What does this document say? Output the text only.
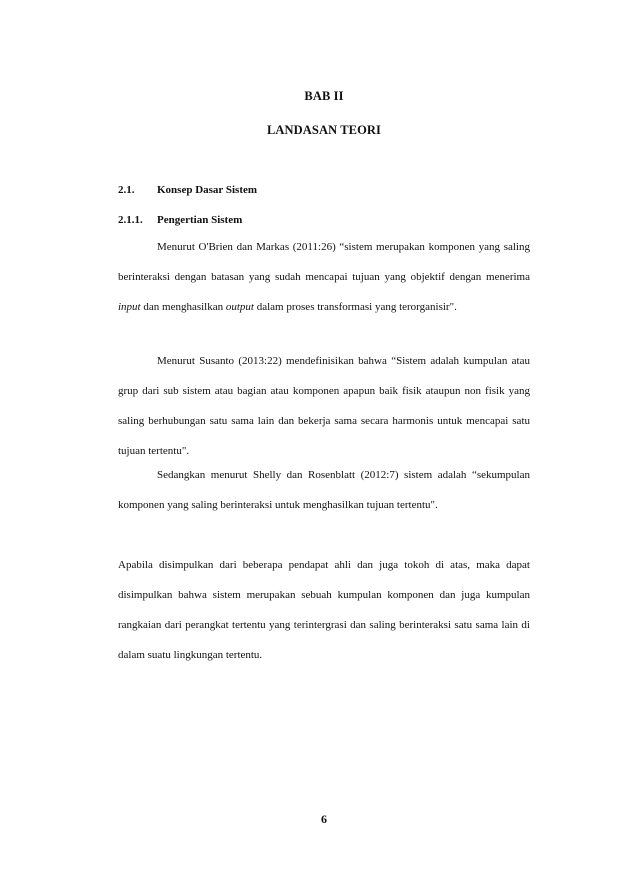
BAB II
LANDASAN TEORI
2.1. Konsep Dasar Sistem
2.1.1. Pengertian Sistem

Menurut O'Brien dan Markas (2011:26) “sistem merupakan komponen yang saling berinteraksi dengan batasan yang sudah mencapai tujuan yang objektif dengan menerima input dan menghasilkan output dalam proses transformasi yang terorganisir".

Menurut Susanto (2013:22) mendefinisikan bahwa “Sistem adalah kumpulan atau grup dari sub sistem atau bagian atau komponen apapun baik fisik ataupun non fisik yang saling berhubungan satu sama lain dan bekerja sama secara harmonis untuk mencapai satu tujuan tertentu".

Sedangkan menurut Shelly dan Rosenblatt (2012:7) sistem adalah “sekumpulan komponen yang saling berinteraksi untuk menghasilkan tujuan tertentu".

Apabila disimpulkan dari beberapa pendapat ahli dan juga tokoh di atas, maka dapat disimpulkan bahwa sistem merupakan sebuah kumpulan komponen dan juga kumpulan rangkaian dari perangkat tertentu yang terintergrasi dan saling berinteraksi satu sama lain di dalam suatu lingkungan tertentu.

6
